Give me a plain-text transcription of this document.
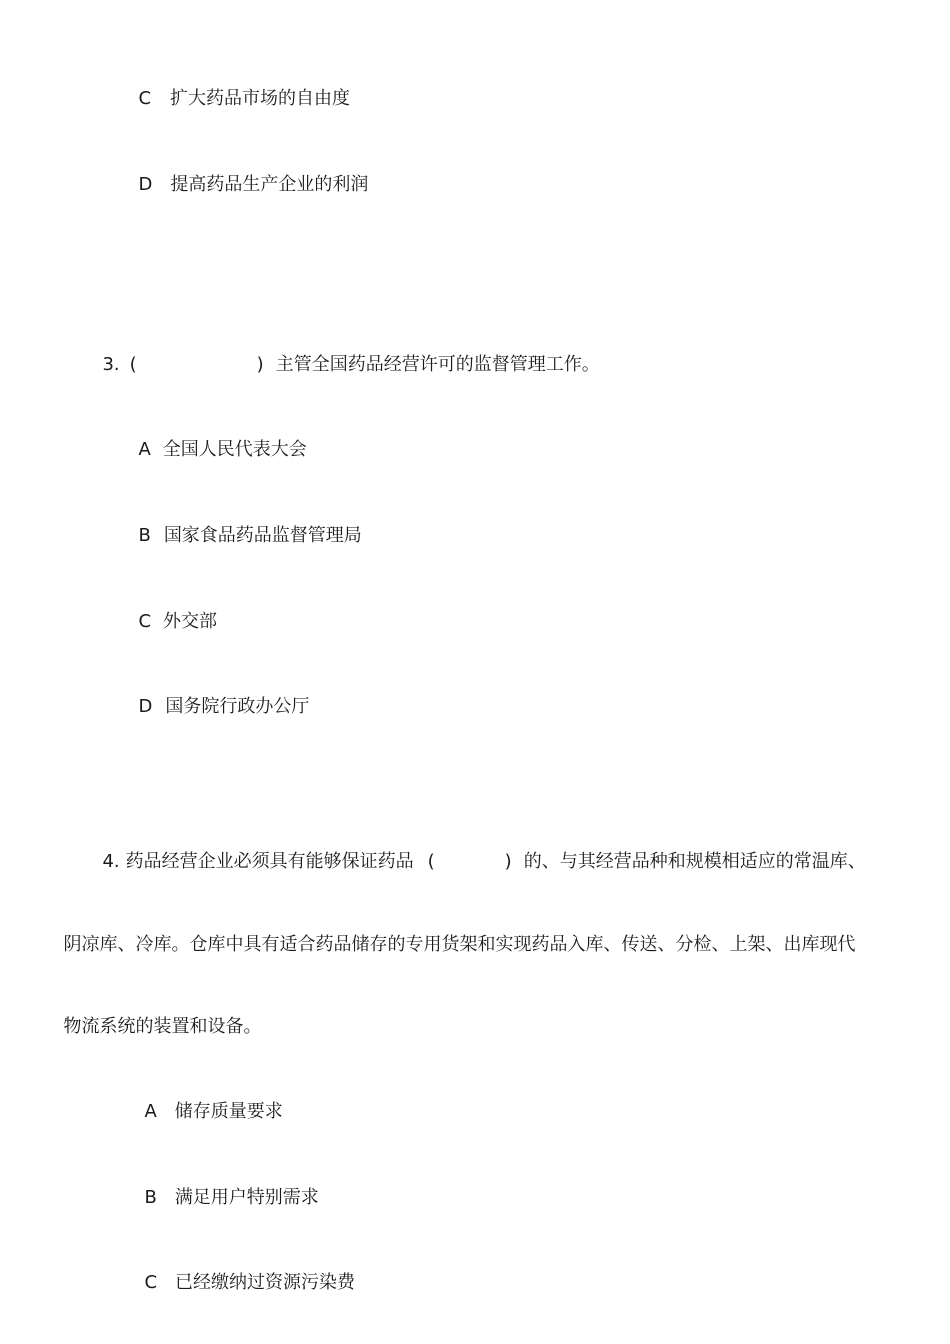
C 扩大药品市场的自由度

D 提高药品生产企业的利润

3. (	) 主管全国药品经营许可的监督管理工作。

A 全国人民代表大会

B 国家食品药品监督管理局

C 外交部

D 国务院行政办公厅

4. 药品经营企业必须具有能够保证药品 (	) 的、与其经营品种和规模相适应的常温库、

阴凉库、冷库。仓库中具有适合药品储存的专用货架和实现药品入库、传送、分检、上架、出库现代

物流系统的装置和设备。

A 储存质量要求

B 满足用户特别需求

C 已经缴纳过资源污染费
